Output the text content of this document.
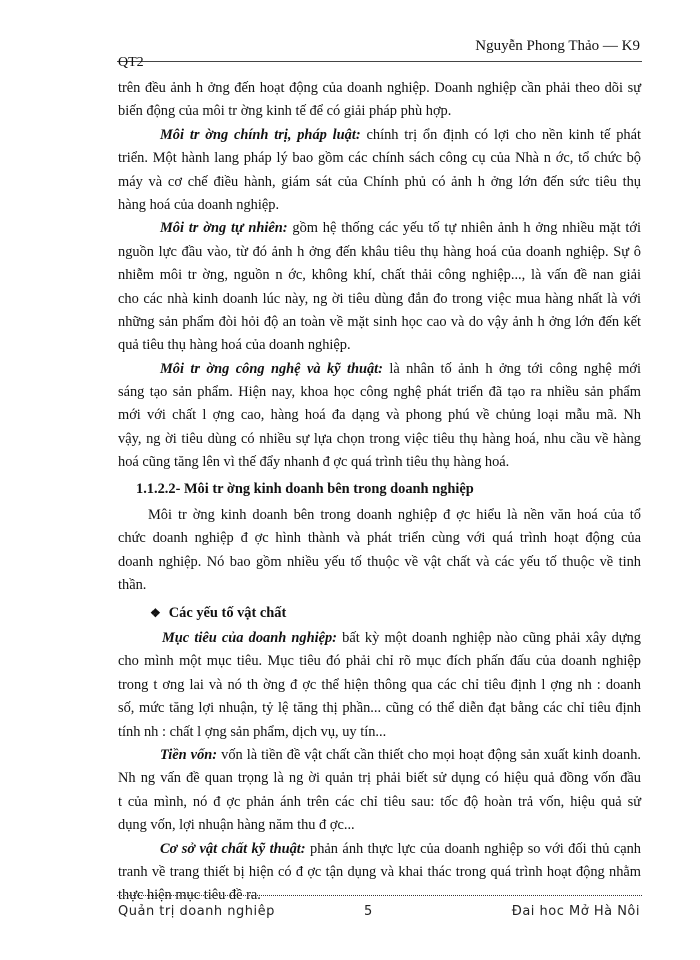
Nguyễn Phong Thảo — K9
QT2
trên đều ảnh h ởng đến hoạt động của doanh nghiệp. Doanh nghiệp cần phải theo dõi sự
biến động của môi tr ờng kinh tế để có giải pháp phù hợp.
Môi tr ờng chính trị, pháp luật: chính trị ổn định có lợi cho nền kinh tế phát
triển. Một hành lang pháp lý bao gồm các chính sách công cụ của Nhà n ớc, tổ chức bộ
máy và cơ chế điều hành, giám sát của Chính phủ có ảnh h ởng lớn đến sức tiêu thụ
hàng hoá của doanh nghiệp.
Môi tr ờng tự nhiên: gồm hệ thống các yếu tố tự nhiên ảnh h ởng nhiều mặt tới
nguồn lực đầu vào, từ đó ảnh h ởng đến khâu tiêu thụ hàng hoá của doanh nghiệp. Sự ô
nhiễm môi tr ờng, nguồn n ớc, không khí, chất thải công nghiệp..., là vấn đề nan giải
cho các nhà kinh doanh lúc này, ng ời tiêu dùng đắn đo trong việc mua hàng nhất là với
những sản phẩm đòi hỏi độ an toàn về mặt sinh học cao và do vậy ảnh h ởng lớn đến kết
quả tiêu thụ hàng hoá của doanh nghiệp.
Môi tr ờng công nghệ và kỹ thuật: là nhân tố ảnh h ởng tới công nghệ mới
sáng tạo sản phẩm. Hiện nay, khoa học công nghệ phát triển đã tạo ra nhiều sản phẩm
mới với chất l ợng cao, hàng hoá đa dạng và phong phú về chủng loại mẫu mã. Nh
vậy, ng ời tiêu dùng có nhiều sự lựa chọn trong việc tiêu thụ hàng hoá, nhu cầu về hàng
hoá cũng tăng lên vì thế đẩy nhanh đ ợc quá trình tiêu thụ hàng hoá.
1.1.2.2- Môi tr ờng kinh doanh bên trong doanh nghiệp
Môi tr ờng kinh doanh bên trong doanh nghiệp đ ợc hiểu là nền văn hoá của tổ
chức doanh nghiệp đ ợc hình thành và phát triển cùng với quá trình hoạt động của
doanh nghiệp. Nó bao gồm nhiều yếu tố thuộc về vật chất và các yếu tố thuộc về tinh
thần.
❖ Các yếu tố vật chất
Mục tiêu của doanh nghiệp: bất kỳ một doanh nghiệp nào cũng phải xây dựng
cho mình một mục tiêu. Mục tiêu đó phải chỉ rõ mục đích phấn đấu của doanh nghiệp
trong t ơng lai và nó th ờng đ ợc thể hiện thông qua các chỉ tiêu định l ợng nh : doanh
số, mức tăng lợi nhuận, tỷ lệ tăng thị phần... cũng có thể diễn đạt bằng các chỉ tiêu định
tính nh : chất l ợng sản phẩm, dịch vụ, uy tín...
Tiền vốn: vốn là tiền đề vật chất cần thiết cho mọi hoạt động sản xuất kinh doanh.
Nh ng vấn đề quan trọng là ng ời quản trị phải biết sử dụng có hiệu quả đồng vốn đầu
t của mình, nó đ ợc phản ánh trên các chỉ tiêu sau: tốc độ hoàn trả vốn, hiệu quả sử
dụng vốn, lợi nhuận hàng năm thu đ ợc...
Cơ sở vật chất kỹ thuật: phản ánh thực lực của doanh nghiệp so với đối thủ cạnh
tranh về trang thiết bị hiện có đ ợc tận dụng và khai thác trong quá trình hoạt động nhằm
thực hiện mục tiêu đề ra.
Quản trị doanh nghiêp	5	Đai hoc Mở Hà Nôi
